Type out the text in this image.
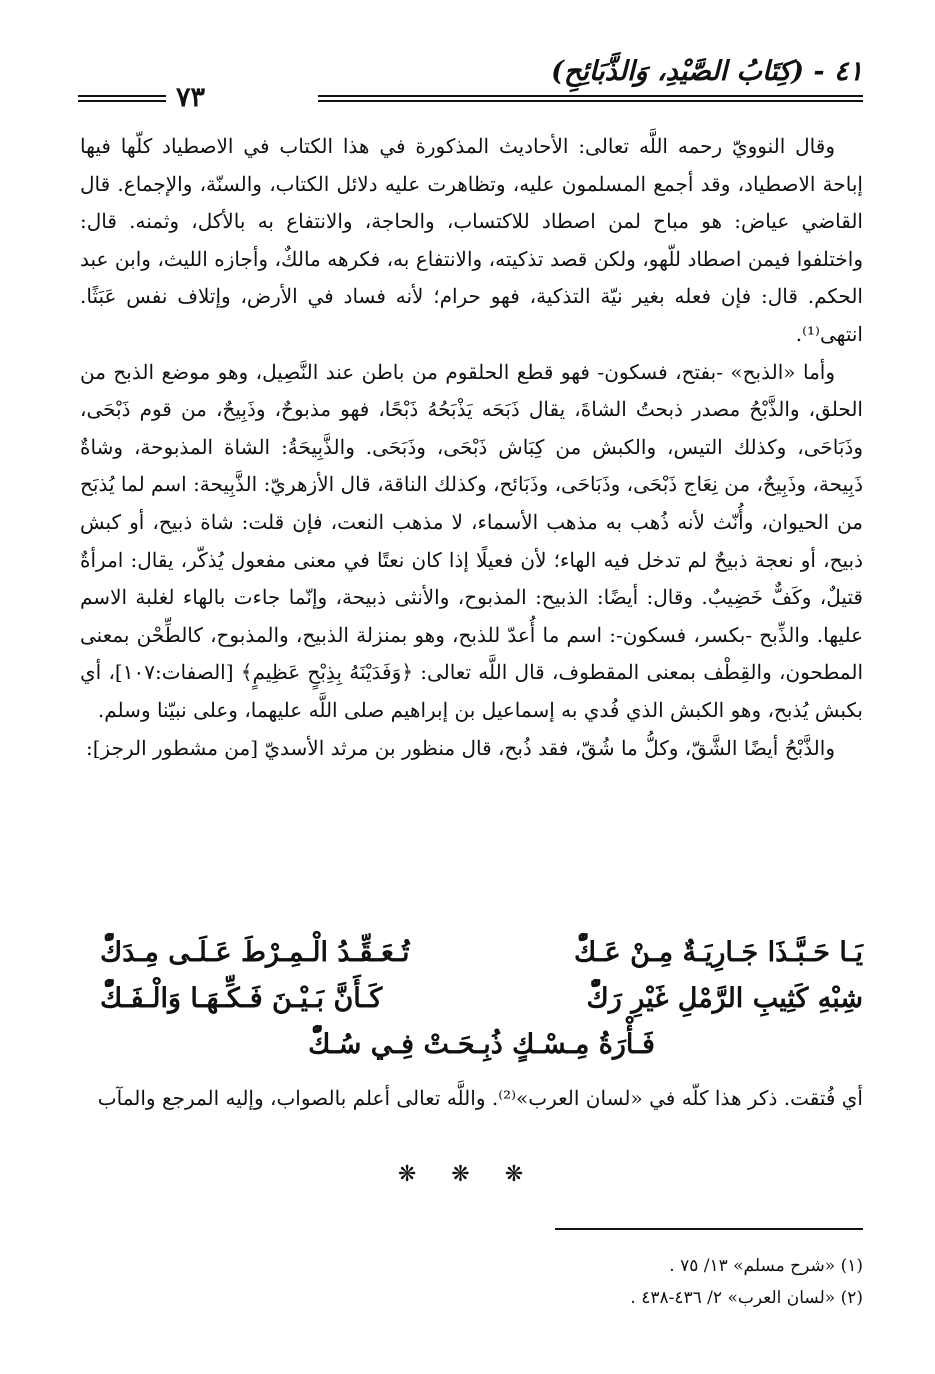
٤١ - (كِتَابُ الصَّيْدِ، وَالذَّبَائِحِ)
٧٣

وقال النوويّ رحمه اللَّه تعالى: الأحاديث المذكورة في هذا الكتاب في الاصطياد كلّها فيها إباحة الاصطياد، وقد أجمع المسلمون عليه، وتظاهرت عليه دلائل الكتاب، والسنّة، والإجماع. قال القاضي عياض: هو مباح لمن اصطاد للاكتساب، والحاجة، والانتفاع به بالأكل، وثمنه. قال: واختلفوا فيمن اصطاد للّهو، ولكن قصد تذكيته، والانتفاع به، فكرهه مالكٌ، وأجازه الليث، وابن عبد الحكم. قال: فإن فعله بغير نيّة التذكية، فهو حرام؛ لأنه فساد في الأرض، وإتلاف نفس عَبَثًا. انتهى⁽¹⁾.

وأما «الذبح» -بفتح، فسكون- فهو قطع الحلقوم من باطن عند النَّصِيل، وهو موضع الذبح من الحلق، والذَّبْحُ مصدر ذبحتُ الشاةَ، يقال ذَبَحَه يَذْبَحُهُ ذَبْحًا، فهو مذبوحٌ، وذَبِيحٌ، من قوم ذَبْحَى، وذَبَاحَى، وكذلك التيس، والكبش من كِبَاش ذَبْحَى، وذَبَحَى. والذَّبِيحَةُ: الشاة المذبوحة، وشاةٌ ذَبِيحة، وذَبِيحٌ، من نِعَاج ذَبْحَى، وذَبَاحَى، وذَبَائح، وكذلك الناقة، قال الأزهريّ: الذَّبِيحة: اسم لما يُذبَح من الحيوان، وأُنّث لأنه ذُهب به مذهب الأسماء، لا مذهب النعت، فإن قلت: شاة ذبيح، أو كبش ذبيح، أو نعجة ذبيحٌ لم تدخل فيه الهاء؛ لأن فعيلًا إذا كان نعتًا في معنى مفعول يُذكّر، يقال: امرأةٌ قتيلٌ، وكَفٌّ خَضِيبٌ. وقال: أيضًا: الذبيح: المذبوح، والأنثى ذبيحة، وإنّما جاءت بالهاء لغلبة الاسم عليها. والذِّبح -بكسر، فسكون-: اسم ما أُعدّ للذبح، وهو بمنزلة الذبيح، والمذبوح، كالطِّحْن بمعنى المطحون، والقِطْف بمعنى المقطوف، قال اللَّه تعالى: ﴿وَفَدَيْنَهُ بِذِبْحٍ عَظِيمٍ﴾ [الصفات:١٠٧]، أي بكبش يُذبح، وهو الكبش الذي فُدي به إسماعيل بن إبراهيم صلى اللَّه عليهما، وعلى نبيّنا وسلم.

والذَّبْحُ أيضًا الشَّقّ، وكلُّ ما شُقّ، فقد ذُبح، قال منظور بن مرثد الأسديّ [من مشطور الرجز]:

يَـا حَـبَّـذَا جَـارِيَـةٌ مِـنْ عَـكّْ
تُـعَـقِّـدُ الْـمِـرْطَ عَـلَـى مِـدَكّْ
شِبْهِ كَثِيبِ الرَّمْلِ غَيْرِ رَكّْ
كَـأَنَّ بَـيْـنَ فَـكِّـهَـا وَالْـفَـكّْ
فَـأْرَةُ مِـسْـكٍ ذُبِـحَـتْ فِـي سُـكّْ

أي فُتقت. ذكر هذا كلّه في «لسان العرب»⁽²⁾. واللَّه تعالى أعلم بالصواب، وإليه المرجع والمآب

❋ ❋ ❋

(١) «شرح مسلم» ١٣/ ٧٥ .

(٢) «لسان العرب» ٢/ ٤٣٦-٤٣٨ .
